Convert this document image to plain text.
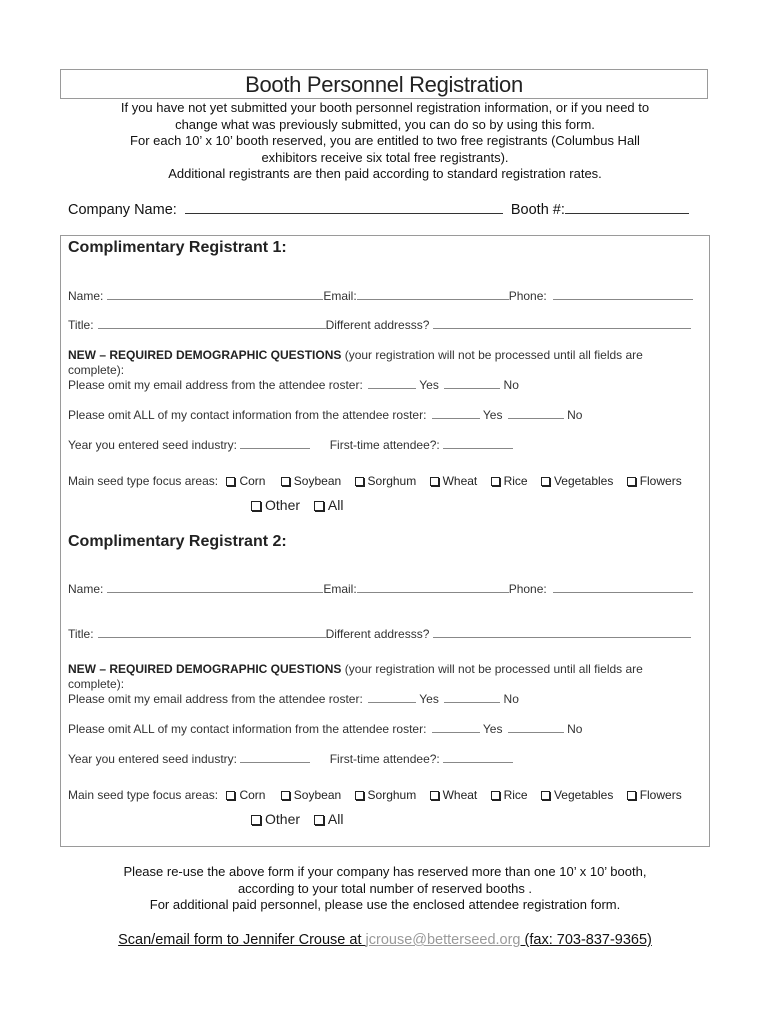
Booth Personnel Registration
If you have not yet submitted your booth personnel registration information, or if you need to
change what was previously submitted, you can do so by using this form.
For each 10’ x 10’ booth reserved, you are entitled to two free registrants (Columbus Hall
exhibitors receive six total free registrants).
Additional registrants are then paid according to standard registration rates.
Company Name:	Booth #:
Complimentary Registrant 1:
Name:	Email:	Phone:
Title:	Different addresss?
NEW – REQUIRED DEMOGRAPHIC QUESTIONS (your registration will not be processed until all fields are complete):
Please omit my email address from the attendee roster:	Yes	No
Please omit ALL of my contact information from the attendee roster:	Yes	No
Year you entered seed industry:	First-time attendee?:
Main seed type focus areas: Corn Soybean Sorghum Wheat Rice Vegetables Flowers
Other All
Complimentary Registrant 2:
Name:	Email:	Phone:
Title:	Different addresss?
NEW – REQUIRED DEMOGRAPHIC QUESTIONS (your registration will not be processed until all fields are complete):
Please omit my email address from the attendee roster:	Yes	No
Please omit ALL of my contact information from the attendee roster:	Yes	No
Year you entered seed industry:	First-time attendee?:
Main seed type focus areas: Corn Soybean Sorghum Wheat Rice Vegetables Flowers
Other All
Please re-use the above form if your company has reserved more than one 10’ x 10’ booth,
according to your total number of reserved booths .
For additional paid personnel, please use the enclosed attendee registration form.
Scan/email form to Jennifer Crouse at jcrouse@betterseed.org (fax: 703-837-9365)
